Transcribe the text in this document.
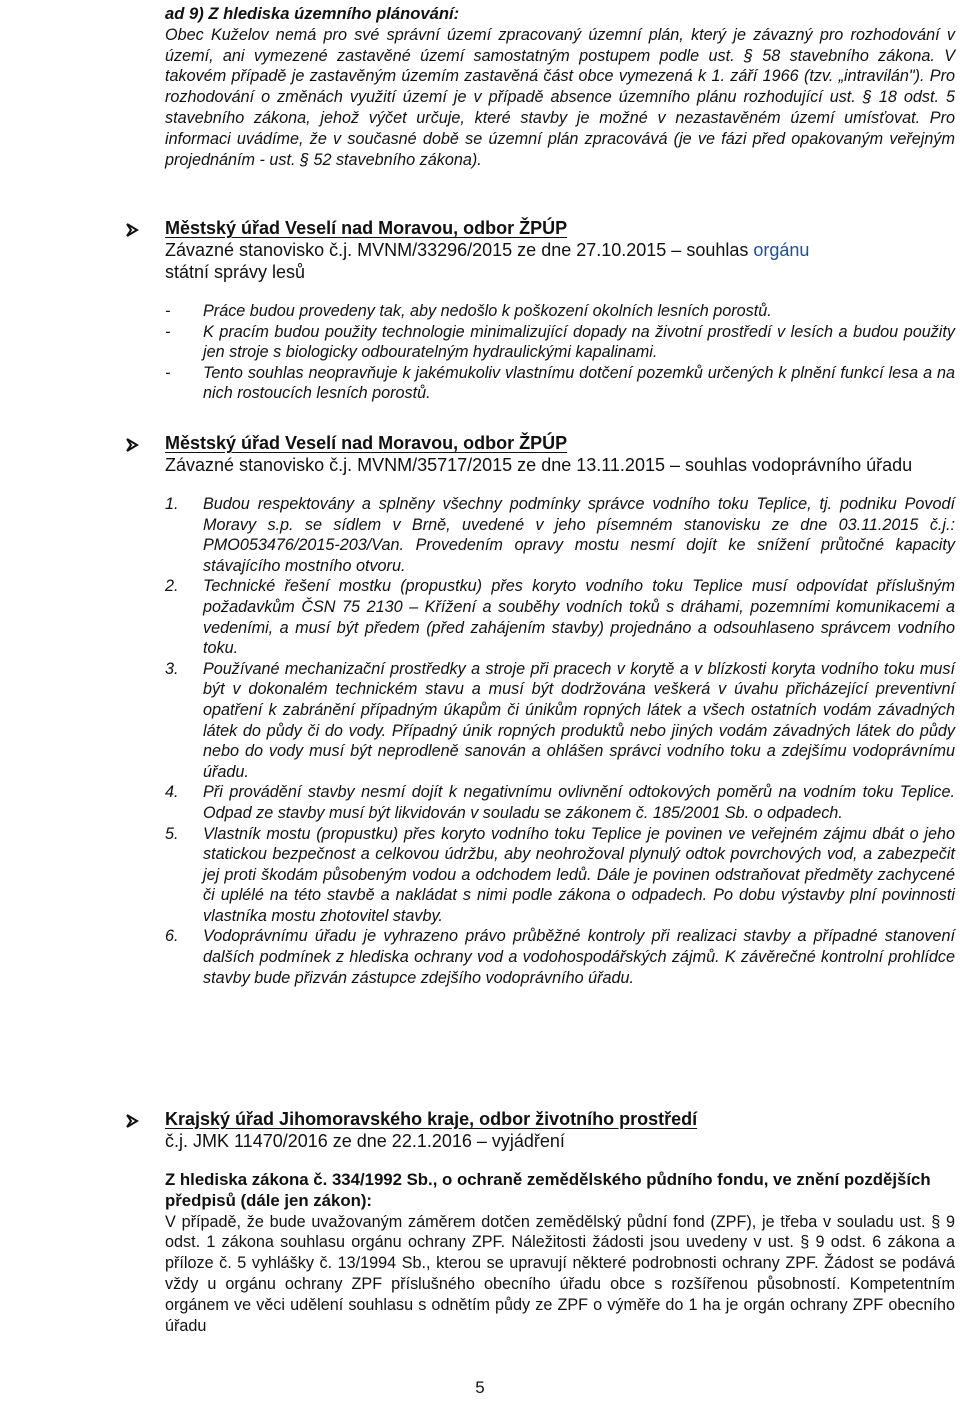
ad 9) Z hlediska územního plánování:

Obec Kuželov nemá pro své správní území zpracovaný územní plán, který je závazný pro rozhodování v území, ani vymezené zastavěné území samostatným postupem podle ust. § 58 stavebního zákona. V takovém případě je zastavěným územím zastavěná část obce vymezená k 1. září 1966 (tzv. „intravilán"). Pro rozhodování o změnách využití území je v případě absence územního plánu rozhodující ust. § 18 odst. 5 stavebního zákona, jehož výčet určuje, které stavby je možné v nezastavěném území umísťovat. Pro informaci uvádíme, že v současné době se územní plán zpracovává (je ve fázi před opakovaným veřejným projednáním - ust. § 52 stavebního zákona).

Městský úřad Veselí nad Moravou, odbor ŽPÚP
Závazné stanovisko č.j. MVNM/33296/2015 ze dne 27.10.2015 – souhlas orgánu
státní správy lesů
- Práce budou provedeny tak, aby nedošlo k poškození okolních lesních porostů.
- K pracím budou použity technologie minimalizující dopady na životní prostředí v lesích a budou použity jen stroje s biologicky odbouratelným hydraulickými kapalinami.
- Tento souhlas neopravňuje k jakémukoliv vlastnímu dotčení pozemků určených k plnění funkcí lesa a na nich rostoucích lesních porostů.
Městský úřad Veselí nad Moravou, odbor ŽPÚP
Závazné stanovisko č.j. MVNM/35717/2015 ze dne 13.11.2015 – souhlas vodoprávního úřadu
1. Budou respektovány a splněny všechny podmínky správce vodního toku Teplice, tj. podniku Povodí Moravy s.p. se sídlem v Brně, uvedené v jeho písemném stanovisku ze dne 03.11.2015 č.j.: PMO053476/2015-203/Van. Provedením opravy mostu nesmí dojít ke snížení průtočné kapacity stávajícího mostního otvoru.
2. Technické řešení mostku (propustku) přes koryto vodního toku Teplice musí odpovídat příslušným požadavkům ČSN 75 2130 – Křížení a souběhy vodních toků s dráhami, pozemními komunikacemi a vedeními, a musí být předem (před zahájením stavby) projednáno a odsouhlaseno správcem vodního toku.
3. Používané mechanizační prostředky a stroje při pracech v korytě a v blízkosti koryta vodního toku musí být v dokonalém technickém stavu a musí být dodržována veškerá v úvahu přicházející preventivní opatření k zabránění případným úkapům či únikům ropných látek a všech ostatních vodám závadných látek do půdy či do vody. Případný únik ropných produktů nebo jiných vodám závadných látek do půdy nebo do vody musí být neprodleně sanován a ohlášen správci vodního toku a zdejšímu vodoprávnímu úřadu.
4. Při provádění stavby nesmí dojít k negativnímu ovlivnění odtokových poměrů na vodním toku Teplice. Odpad ze stavby musí být likvidován v souladu se zákonem č. 185/2001 Sb. o odpadech.
5. Vlastník mostu (propustku) přes koryto vodního toku Teplice je povinen ve veřejném zájmu dbát o jeho statickou bezpečnost a celkovou údržbu, aby neohrožoval plynulý odtok povrchových vod, a zabezpečit jej proti škodám působeným vodou a odchodem ledů. Dále je povinen odstraňovat předměty zachycené či uplélé na této stavbě a nakládat s nimi podle zákona o odpadech. Po dobu výstavby plní povinnosti vlastníka mostu zhotovitel stavby.
6. Vodoprávnímu úřadu je vyhrazeno právo průběžné kontroly při realizaci stavby a případné stanovení dalších podmínek z hlediska ochrany vod a vodohospodářských zájmů. K závěrečné kontrolní prohlídce stavby bude přizván zástupce zdejšího vodoprávního úřadu.
Krajský úřad Jihomoravského kraje, odbor životního prostředí
č.j. JMK 11470/2016 ze dne 22.1.2016 – vyjádření
Z hlediska zákona č. 334/1992 Sb., o ochraně zemědělského půdního fondu, ve znění pozdějších předpisů (dále jen zákon):
V případě, že bude uvažovaným záměrem dotčen zemědělský půdní fond (ZPF), je třeba v souladu ust. § 9 odst. 1 zákona souhlasu orgánu ochrany ZPF. Náležitosti žádosti jsou uvedeny v ust. § 9 odst. 6 zákona a příloze č. 5 vyhlášky č. 13/1994 Sb., kterou se upravují některé podrobnosti ochrany ZPF. Žádost se podává vždy u orgánu ochrany ZPF příslušného obecního úřadu obce s rozšířenou působností. Kompetentním orgánem ve věci udělení souhlasu s odnětím půdy ze ZPF o výměře do 1 ha je orgán ochrany ZPF obecního úřadu
5
